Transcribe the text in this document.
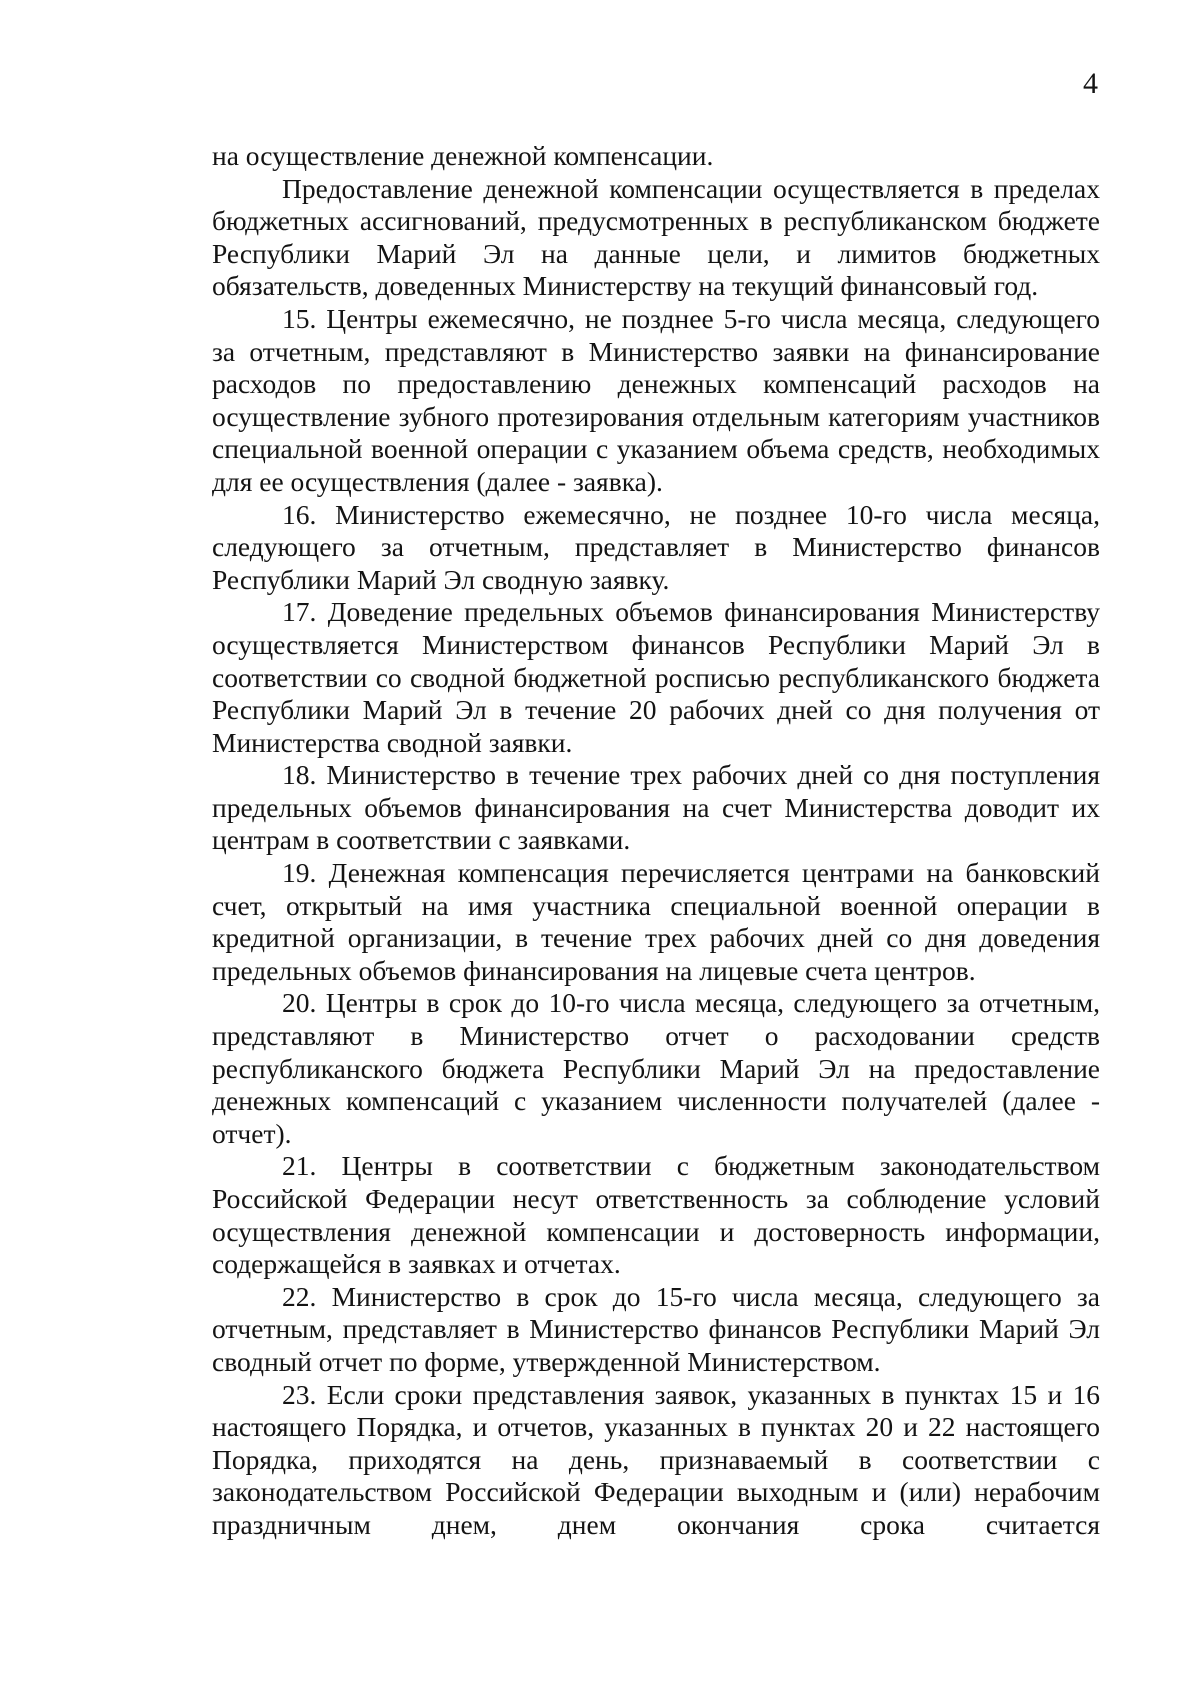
4

на осуществление денежной компенсации.

Предоставление денежной компенсации осуществляется в пределах бюджетных ассигнований, предусмотренных в республиканском бюджете Республики Марий Эл на данные цели, и лимитов бюджетных обязательств, доведенных Министерству на текущий финансовый год.

15. Центры ежемесячно, не позднее 5-го числа месяца, следующего за отчетным, представляют в Министерство заявки на финансирование расходов по предоставлению денежных компенсаций расходов на осуществление зубного протезирования отдельным категориям участников специальной военной операции с указанием объема средств, необходимых для ее осуществления (далее - заявка).

16. Министерство ежемесячно, не позднее 10-го числа месяца, следующего за отчетным, представляет в Министерство финансов Республики Марий Эл сводную заявку.

17. Доведение предельных объемов финансирования Министерству осуществляется Министерством финансов Республики Марий Эл в соответствии со сводной бюджетной росписью республиканского бюджета Республики Марий Эл в течение 20 рабочих дней со дня получения от Министерства сводной заявки.

18. Министерство в течение трех рабочих дней со дня поступления предельных объемов финансирования на счет Министерства доводит их центрам в соответствии с заявками.

19. Денежная компенсация перечисляется центрами на банковский счет, открытый на имя участника специальной военной операции в кредитной организации, в течение трех рабочих дней со дня доведения предельных объемов финансирования на лицевые счета центров.

20. Центры в срок до 10-го числа месяца, следующего за отчетным, представляют в Министерство отчет о расходовании средств республиканского бюджета Республики Марий Эл на предоставление денежных компенсаций с указанием численности получателей (далее - отчет).

21. Центры в соответствии с бюджетным законодательством Российской Федерации несут ответственность за соблюдение условий осуществления денежной компенсации и достоверность информации, содержащейся в заявках и отчетах.

22. Министерство в срок до 15-го числа месяца, следующего за отчетным, представляет в Министерство финансов Республики Марий Эл сводный отчет по форме, утвержденной Министерством.

23. Если сроки представления заявок, указанных в пунктах 15 и 16 настоящего Порядка, и отчетов, указанных в пунктах 20 и 22 настоящего Порядка, приходятся на день, признаваемый в соответствии с законодательством Российской Федерации выходным и (или) нерабочим праздничным днем, днем окончания срока считается
